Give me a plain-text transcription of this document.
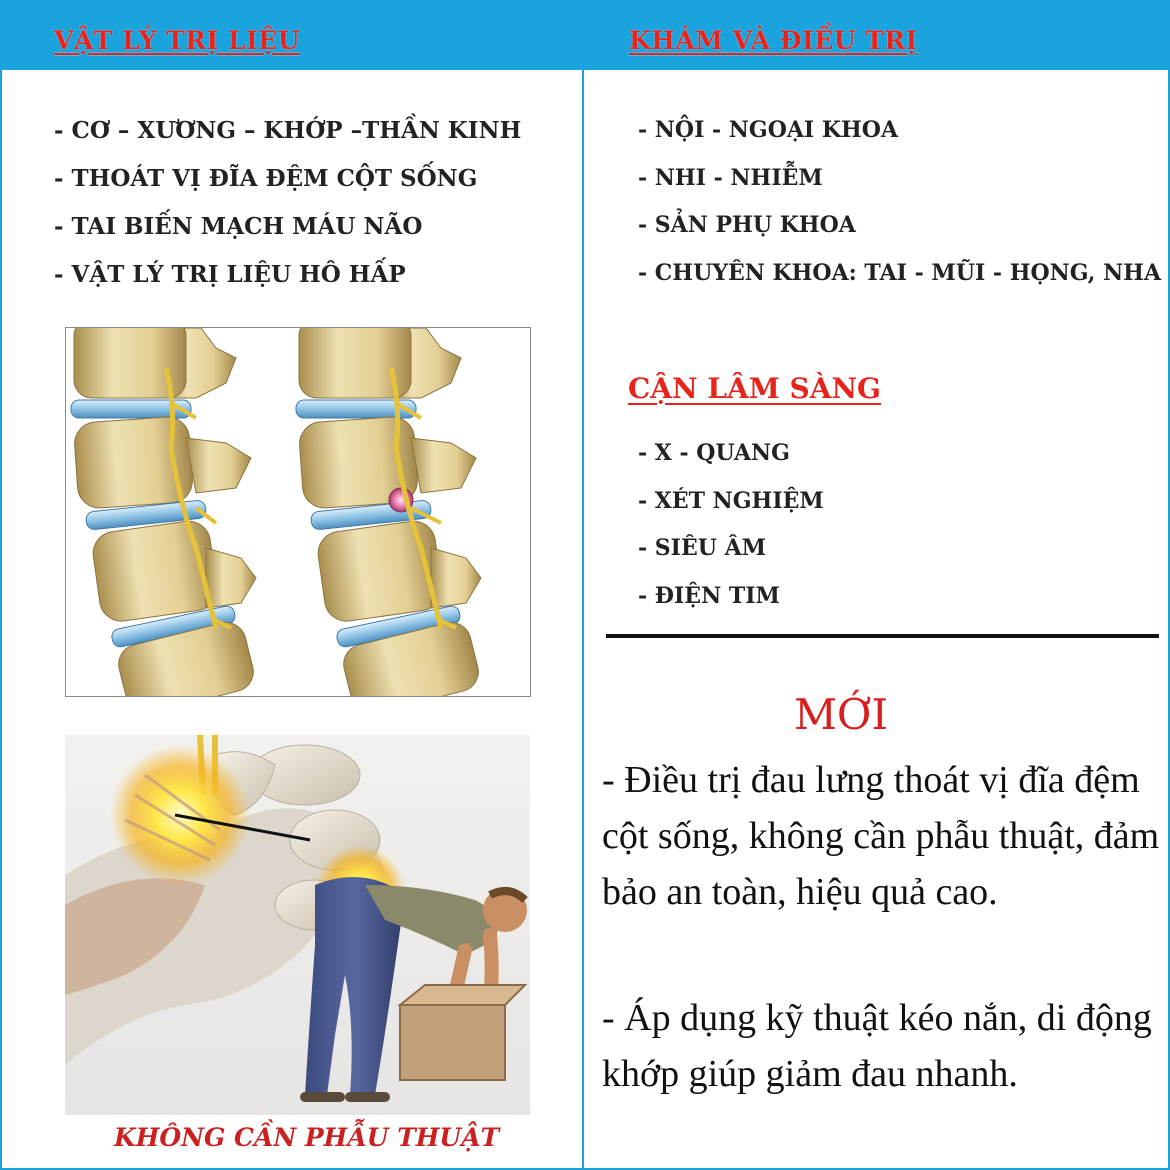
VẬT LÝ TRỊ LIỆU
- CƠ – XƯƠNG – KHỚP –THẦN KINH
- THOÁT VỊ ĐĨA ĐỆM CỘT SỐNG
- TAI BIẾN MẠCH MÁU NÃO
- VẬT LÝ TRỊ LIỆU HÔ HẤP
KHÔNG CẦN PHẪU THUẬT
KHÁM VÀ ĐIỀU TRỊ
- NỘI - NGOẠI KHOA
- NHI - NHIỄM
- SẢN PHỤ KHOA
- CHUYÊN KHOA: TAI - MŨI - HỌNG, NHA
CẬN LÂM SÀNG
- X - QUANG
- XÉT NGHIỆM
- SIÊU ÂM
- ĐIỆN TIM
MỚI

- Điều trị đau lưng thoát vị đĩa đệm cột sống, không cần phẫu thuật, đảm bảo an toàn, hiệu quả cao.

- Áp dụng kỹ thuật kéo nắn, di động khớp giúp giảm đau nhanh.
